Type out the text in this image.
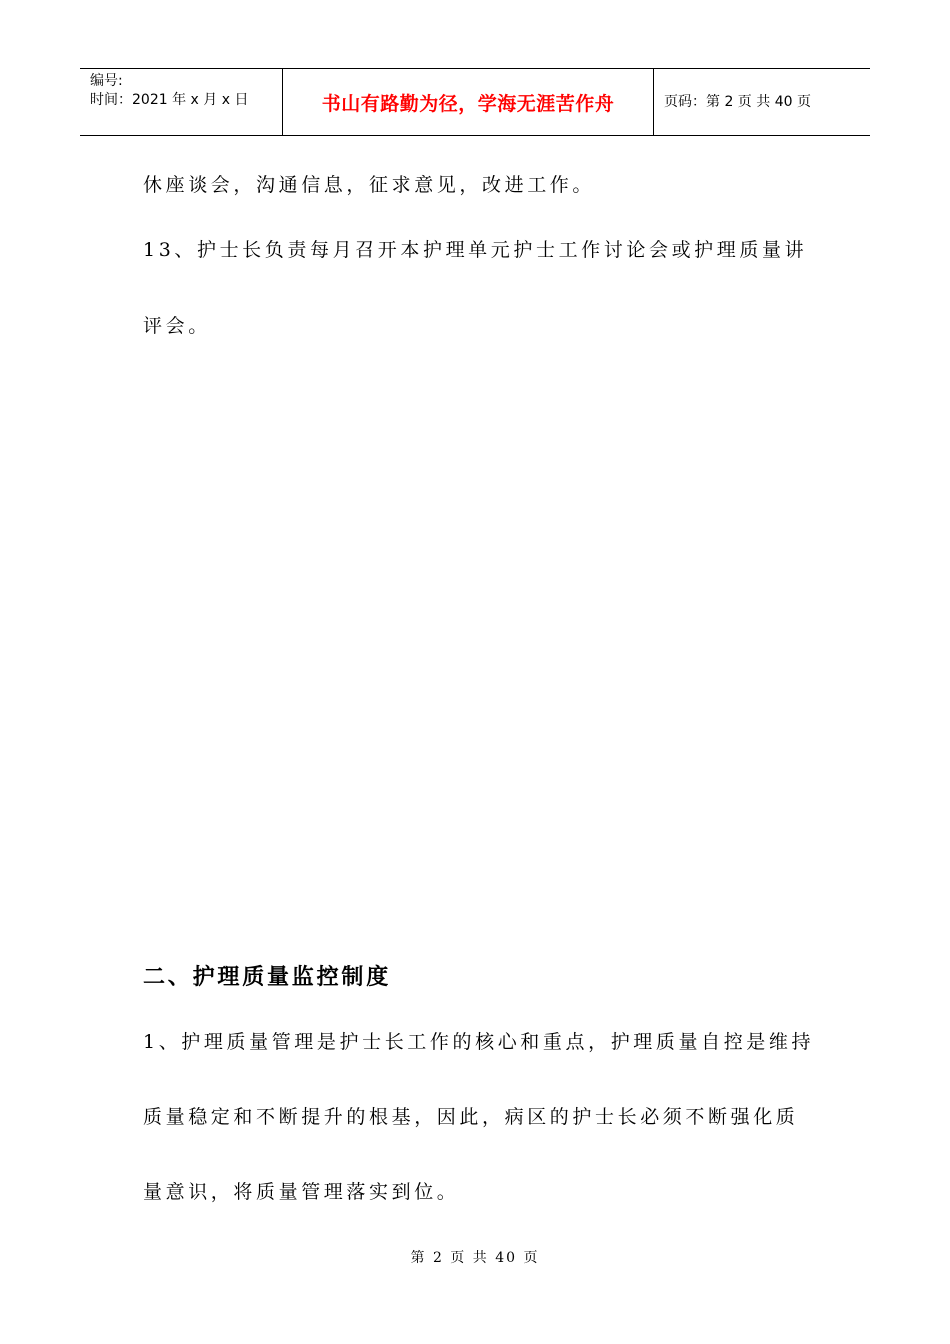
编号:
时间：2021 年 x 月 x 日	书山有路勤为径，学海无涯苦作舟	页码：第 2 页 共 40 页
休座谈会，沟通信息，征求意见，改进工作。
13、护士长负责每月召开本护理单元护士工作讨论会或护理质量讲
评会。
二、护理质量监控制度
1、护理质量管理是护士长工作的核心和重点，护理质量自控是维持
质量稳定和不断提升的根基，因此，病区的护士长必须不断强化质
量意识，将质量管理落实到位。
第 2 页 共 40 页
